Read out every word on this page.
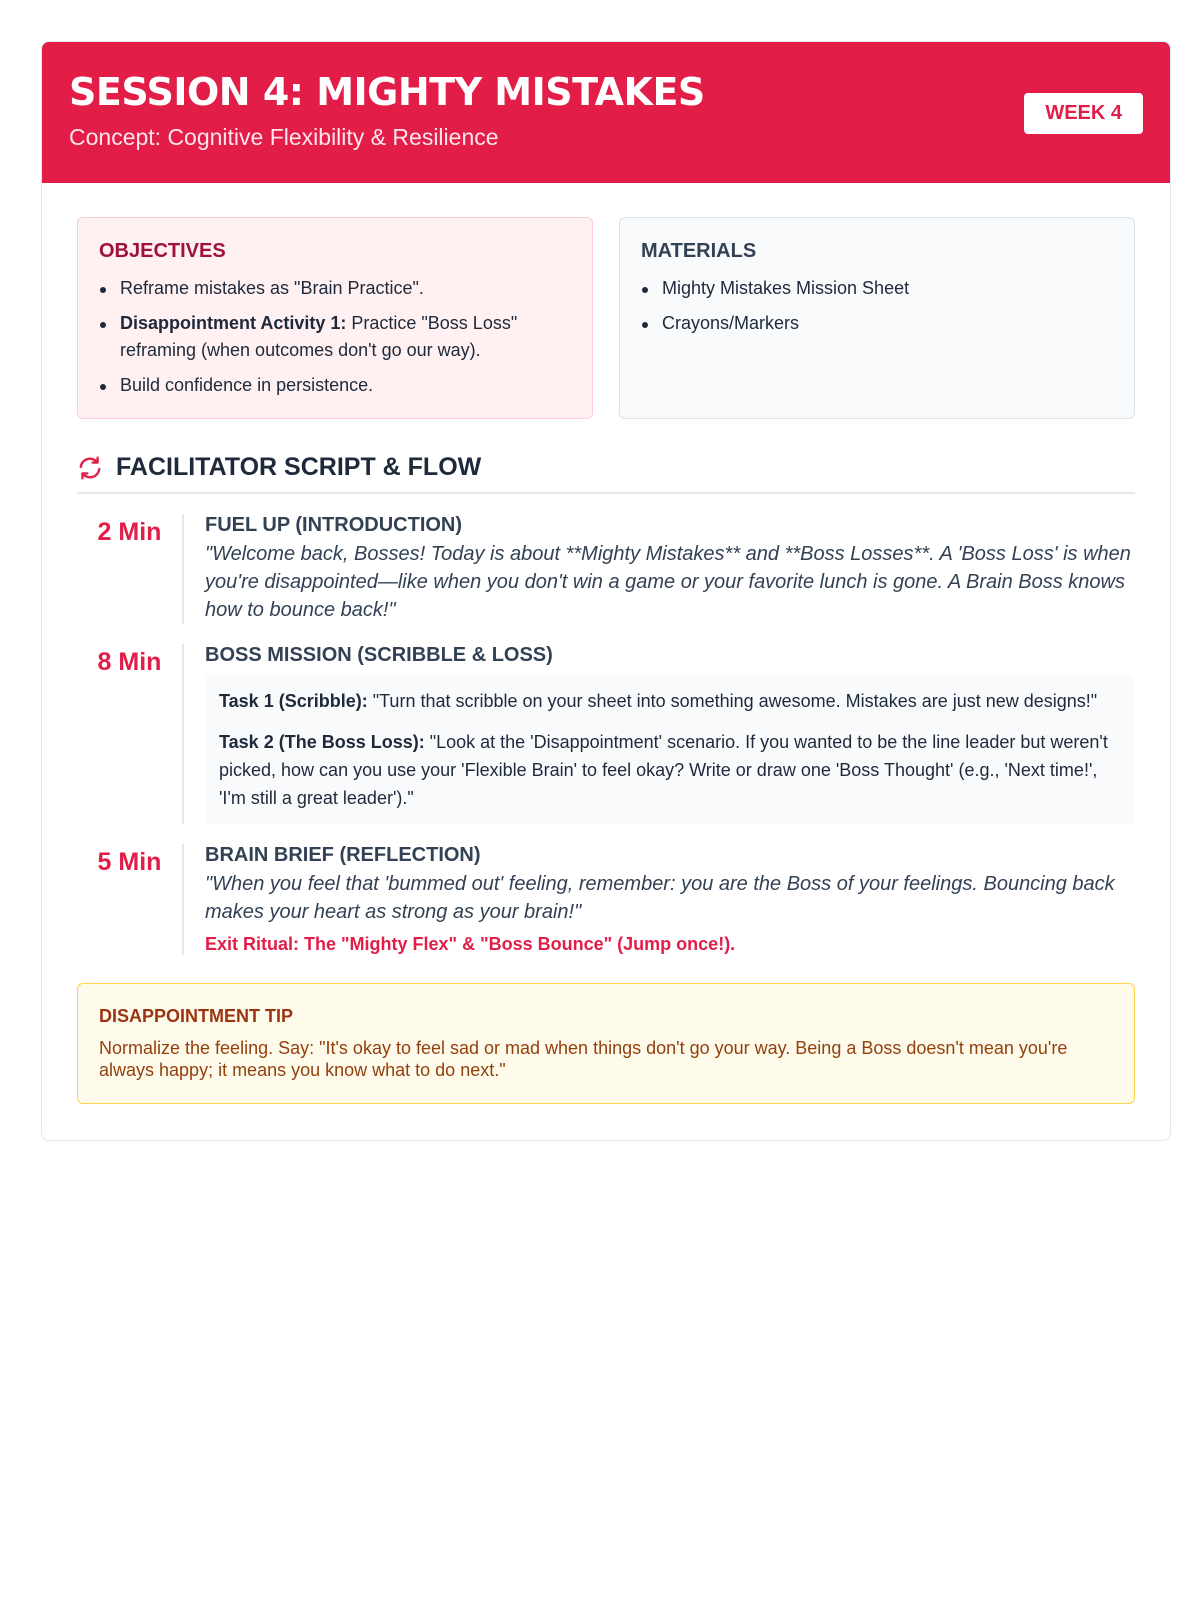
SESSION 4: MIGHTY MISTAKES
Concept: Cognitive Flexibility & Resilience
WEEK 4
OBJECTIVES
Reframe mistakes as "Brain Practice".
Disappointment Activity 1: Practice "Boss Loss" reframing (when outcomes don't go our way).
Build confidence in persistence.
MATERIALS
Mighty Mistakes Mission Sheet
Crayons/Markers
FACILITATOR SCRIPT & FLOW
2 Min	FUEL UP (INTRODUCTION)
"Welcome back, Bosses! Today is about **Mighty Mistakes** and **Boss Losses**. A 'Boss Loss' is when you're disappointed—like when you don't win a game or your favorite lunch is gone. A Brain Boss knows how to bounce back!"
8 Min	BOSS MISSION (SCRIBBLE & LOSS)
Task 1 (Scribble): "Turn that scribble on your sheet into something awesome. Mistakes are just new designs!"
Task 2 (The Boss Loss): "Look at the 'Disappointment' scenario. If you wanted to be the line leader but weren't picked, how can you use your 'Flexible Brain' to feel okay? Write or draw one 'Boss Thought' (e.g., 'Next time!', 'I'm still a great leader')."
5 Min	BRAIN BRIEF (REFLECTION)
"When you feel that 'bummed out' feeling, remember: you are the Boss of your feelings. Bouncing back makes your heart as strong as your brain!"
Exit Ritual: The "Mighty Flex" & "Boss Bounce" (Jump once!).
DISAPPOINTMENT TIP
Normalize the feeling. Say: "It's okay to feel sad or mad when things don't go your way. Being a Boss doesn't mean you're always happy; it means you know what to do next."
